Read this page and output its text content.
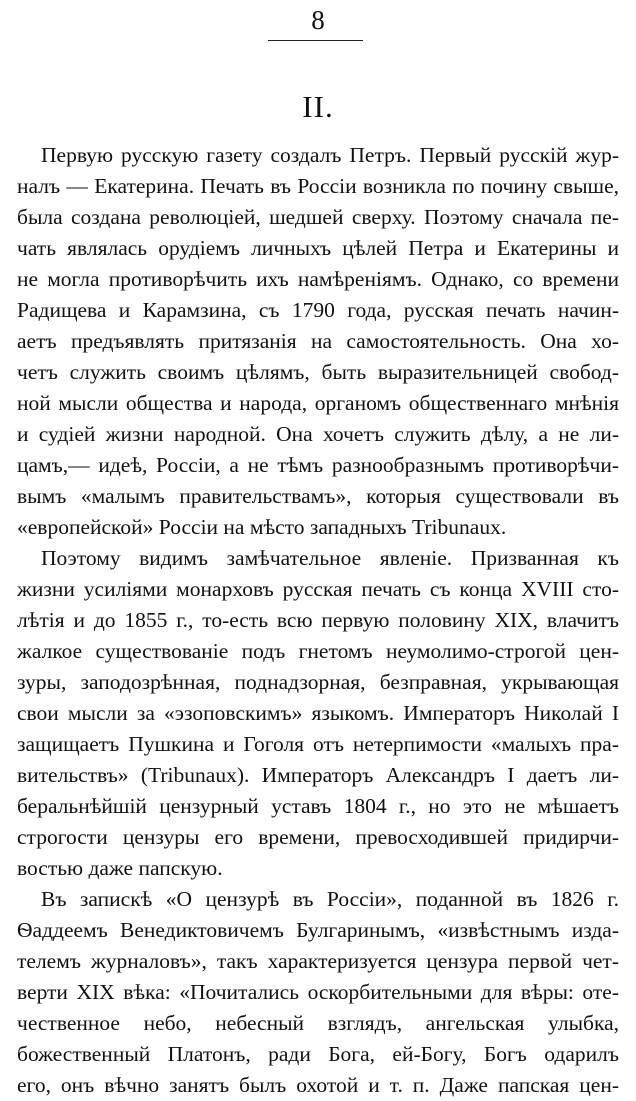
8
II.
Первую русскую газету создалъ Петръ. Первый русскій жур-
налъ — Екатерина. Печать въ Россіи возникла по почину свыше,
была создана революціей, шедшей сверху. Поэтому сначала пе-
чать являлась орудіемъ личныхъ цѣлей Петра и Екатерины и
не могла противорѣчить ихъ намѣреніямъ. Однако, со времени
Радищева и Карамзина, съ 1790 года, русская печать начин-
аетъ предъявлять притязанія на самостоятельность. Она хо-
четъ служить своимъ цѣлямъ, быть выразительницей свобод-
ной мысли общества и народа, органомъ общественнаго мнѣнія
и судіей жизни народной. Она хочетъ служить дѣлу, а не ли-
цамъ,— идеѣ, Россіи, а не тѣмъ разнообразнымъ противорѣчи-
вымъ «малымъ правительствамъ», которыя существовали въ
«европейской» Россіи на мѣсто западныхъ Tribunaux.
Поэтому видимъ замѣчательное явленіе. Призванная къ
жизни усиліями монарховъ русская печать съ конца XVIII сто-
лѣтія и до 1855 г., то-есть всю первую половину XIX, влачитъ
жалкое существованіе подъ гнетомъ неумолимо-строгой цен-
зуры, заподозрѣнная, поднадзорная, безправная, укрывающая
свои мысли за «эзоповскимъ» языкомъ. Императоръ Николай I
защищаетъ Пушкина и Гоголя отъ нетерпимости «малыхъ пра-
вительствъ» (Tribunaux). Императоръ Александръ I даетъ ли-
беральнѣйшій цензурный уставъ 1804 г., но это не мѣшаетъ
строгости цензуры его времени, превосходившей придирчи-
востью даже папскую.
Въ запискѣ «О цензурѣ въ Россіи», поданной въ 1826 г.
Ѳаддеемъ Венедиктовичемъ Булгаринымъ, «извѣстнымъ изда-
телемъ журналовъ», такъ характеризуется цензура первой чет-
верти XIX вѣка: «Почитались оскорбительными для вѣры: оте-
чественное небо, небесный взглядъ, ангельская улыбка,
божественный Платонъ, ради Бога, ей-Богу, Богъ одарилъ
его, онъ вѣчно занятъ былъ охотой и т. п. Даже папская цен-
